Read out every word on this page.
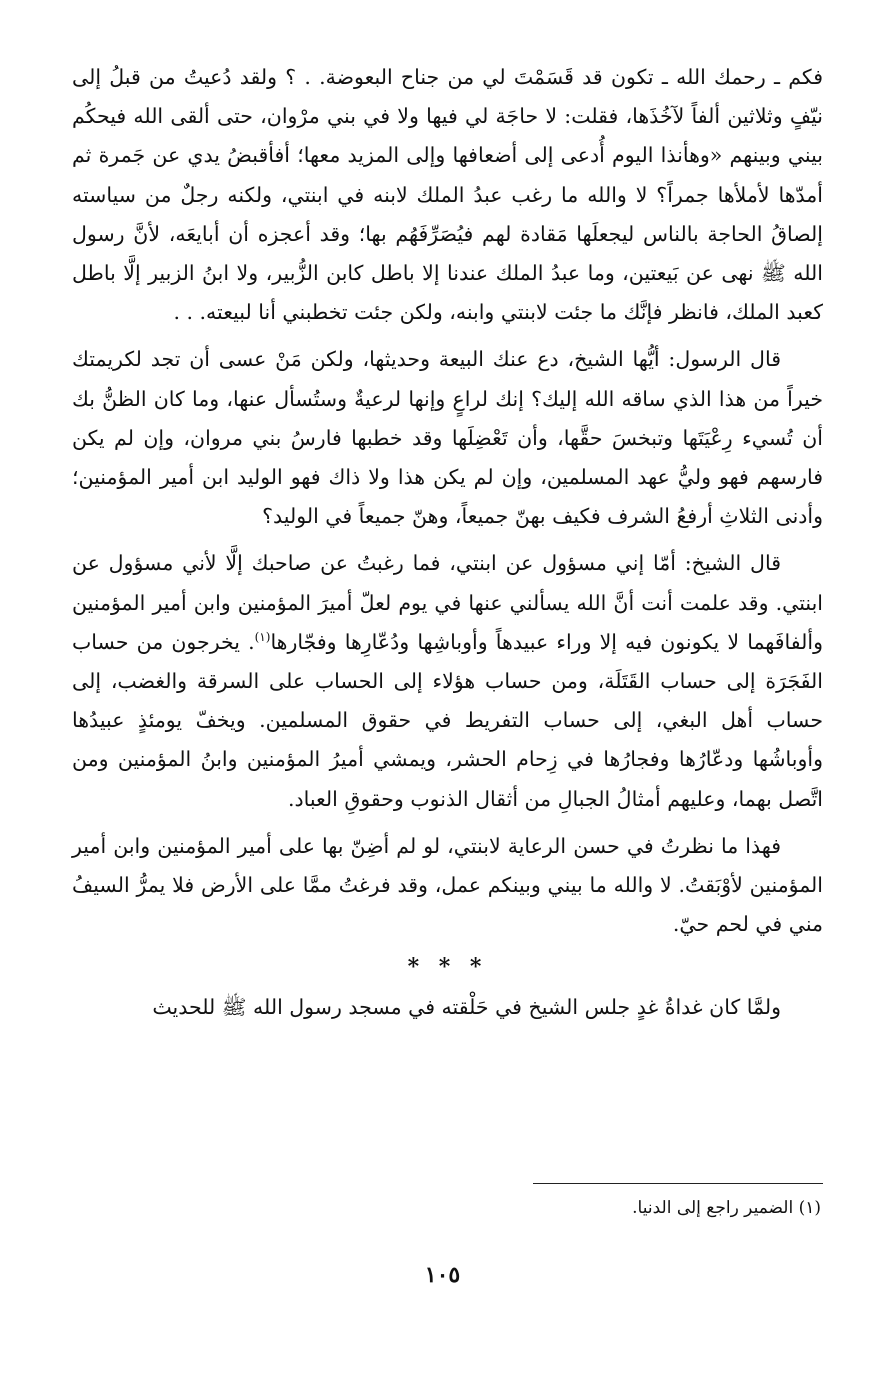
فكم ـ رحمك الله ـ تكون قد قَسَمْتَ لي من جناح البعوضة. . ؟ ولقد دُعيتُ من قبلُ إلى نيّفٍ وثلاثين ألفاً لآخُذَها، فقلت: لا حاجَة لي فيها ولا في بني مرْوان، حتى ألقى الله فيحكُم بيني وبينهم «وهأنذا اليوم أُدعى إلى أضعافها وإلى المزيد معها؛ أفأقبضُ يدي عن جَمرة ثم أمدّها لأملأها جمراً؟ لا والله ما رغب عبدُ الملك لابنه في ابنتي، ولكنه رجلٌ من سياسته إلصاقُ الحاجة بالناس ليجعلَها مَقادة لهم فيُصَرِّفَهُم بها؛ وقد أعجزه أن أبايعَه، لأنَّ رسول الله ﷺ نهى عن بَيعتين، وما عبدُ الملك عندنا إلا باطل كابن الزُّبير، ولا ابنُ الزبير إلَّا باطل كعبد الملك، فانظر فإنَّك ما جئت لابنتي وابنه، ولكن جئت تخطبني أنا لبيعته. . .

قال الرسول: أيُّها الشيخ، دع عنك البيعة وحديثها، ولكن مَنْ عسى أن تجد لكريمتك خيراً من هذا الذي ساقه الله إليك؟ إنك لراعٍ وإنها لرعيةٌ وستُسأل عنها، وما كان الظنُّ بك أن تُسيء رِعْيَتَها وتبخسَ حقَّها، وأن تَعْضِلَها وقد خطبها فارسُ بني مروان، وإن لم يكن فارسهم فهو وليُّ عهد المسلمين، وإن لم يكن هذا ولا ذاك فهو الوليد ابن أمير المؤمنين؛ وأدنى الثلاثِ أرفعُ الشرف فكيف بهنّ جميعاً، وهنّ جميعاً في الوليد؟

قال الشيخ: أمّا إني مسؤول عن ابنتي، فما رغبتُ عن صاحبك إلَّا لأني مسؤول عن ابنتي. وقد علمت أنت أنَّ الله يسألني عنها في يوم لعلّ أميرَ المؤمنين وابن أمير المؤمنين وألفافَهما لا يكونون فيه إلا وراء عبيدهاً وأوباشِها ودُعّارِها وفجّارها$^{(١)}$. يخرجون من حساب الفَجَرَة إلى حساب القَتَلَة، ومن حساب هؤلاء إلى الحساب على السرقة والغضب، إلى حساب أهل البغي، إلى حساب التفريط في حقوق المسلمين. ويخفّ يومئذٍ عبيدُها وأوباشُها ودعّارُها وفجارُها في زِحام الحشر، ويمشي أميرُ المؤمنين وابنُ المؤمنين ومن اتَّصل بهما، وعليهم أمثالُ الجبالِ من أثقال الذنوب وحقوقِ العباد.

فهذا ما نظرتُ في حسن الرعاية لابنتي، لو لم أضِنّ بها على أمير المؤمنين وابن أمير المؤمنين لأوْبَقتُ. لا والله ما بيني وبينكم عمل، وقد فرغتُ ممَّا على الأرض فلا يمرُّ السيفُ مني في لحم حيّ.

* * *

ولمَّا كان غداةُ غدٍ جلس الشيخ في حَلْقته في مسجد رسول الله ﷺ للحديث

(١) الضمير راجع إلى الدنيا.
١٠٥
